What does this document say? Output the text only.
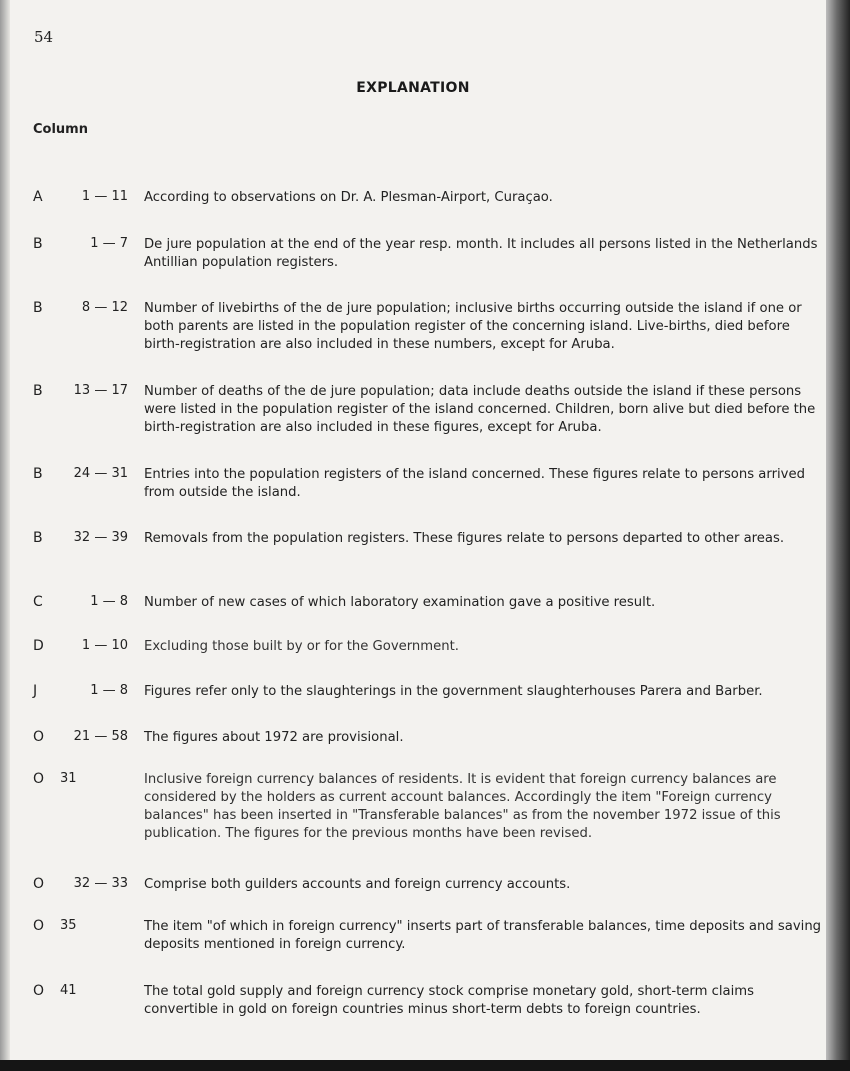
54
EXPLANATION
Column
A	1 — 11 According to observations on Dr. A. Plesman-Airport, Curaçao.
B	1 — 7 De jure population at the end of the year resp. month. It includes all persons listed in the Netherlands Antillian population registers.
B	8 — 12 Number of livebirths of the de jure population; inclusive births occurring outside the island if one or both parents are listed in the population register of the concerning island. Live-births, died before birth-registration are also included in these numbers, except for Aruba.
B	13 — 17 Number of deaths of the de jure population; data include deaths outside the island if these persons were listed in the population register of the island concerned. Children, born alive but died before the birth-registration are also included in these figures, except for Aruba.
B	24 — 31 Entries into the population registers of the island concerned. These figures relate to persons arrived from outside the island.
B	32 — 39 Removals from the population registers. These figures relate to persons departed to other areas.
C	1 — 8 Number of new cases of which laboratory examination gave a positive result.
D	1 — 10 Excluding those built by or for the Government.
J	1 — 8 Figures refer only to the slaughterings in the government slaughterhouses Parera and Barber.
O	21 — 58 The figures about 1972 are provisional.
O	31	Inclusive foreign currency balances of residents. It is evident that foreign currency balances are considered by the holders as current account balances. Accordingly the item "Foreign currency balances" has been inserted in "Transferable balances" as from the november 1972 issue of this publication. The figures for the previous months have been revised.
O	32 — 33 Comprise both guilders accounts and foreign currency accounts.
O	35	The item "of which in foreign currency" inserts part of transferable balances, time deposits and saving deposits mentioned in foreign currency.
O	41	The total gold supply and foreign currency stock comprise monetary gold, short-term claims convertible in gold on foreign countries minus short-term debts to foreign countries.
